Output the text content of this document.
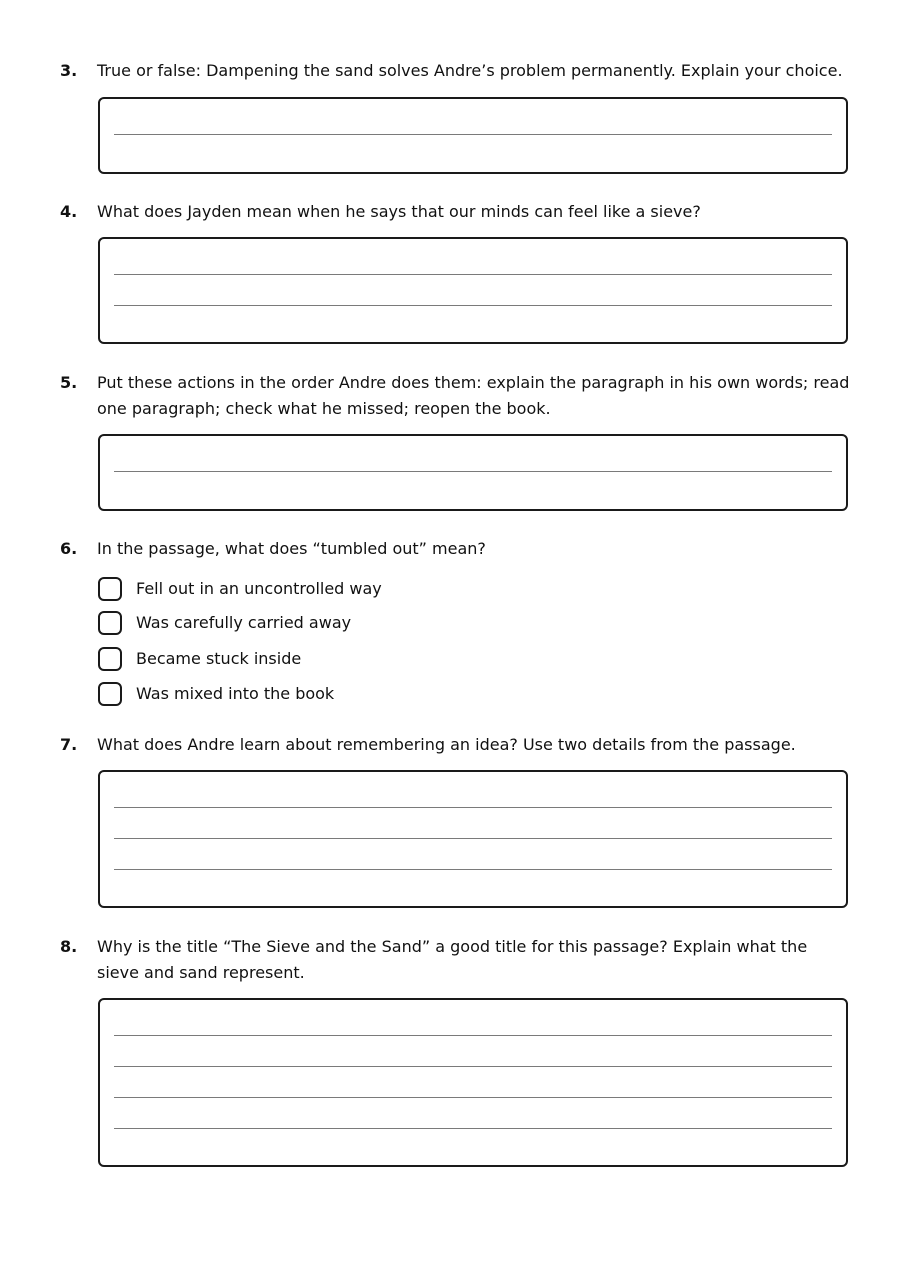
3. True or false: Dampening the sand solves Andre’s problem permanently. Explain your choice.
4. What does Jayden mean when he says that our minds can feel like a sieve?
5. Put these actions in the order Andre does them: explain the paragraph in his own words; read one paragraph; check what he missed; reopen the book.
6. In the passage, what does “tumbled out” mean?
Fell out in an uncontrolled way
Was carefully carried away
Became stuck inside
Was mixed into the book
7. What does Andre learn about remembering an idea? Use two details from the passage.
8. Why is the title “The Sieve and the Sand” a good title for this passage? Explain what the sieve and sand represent.
